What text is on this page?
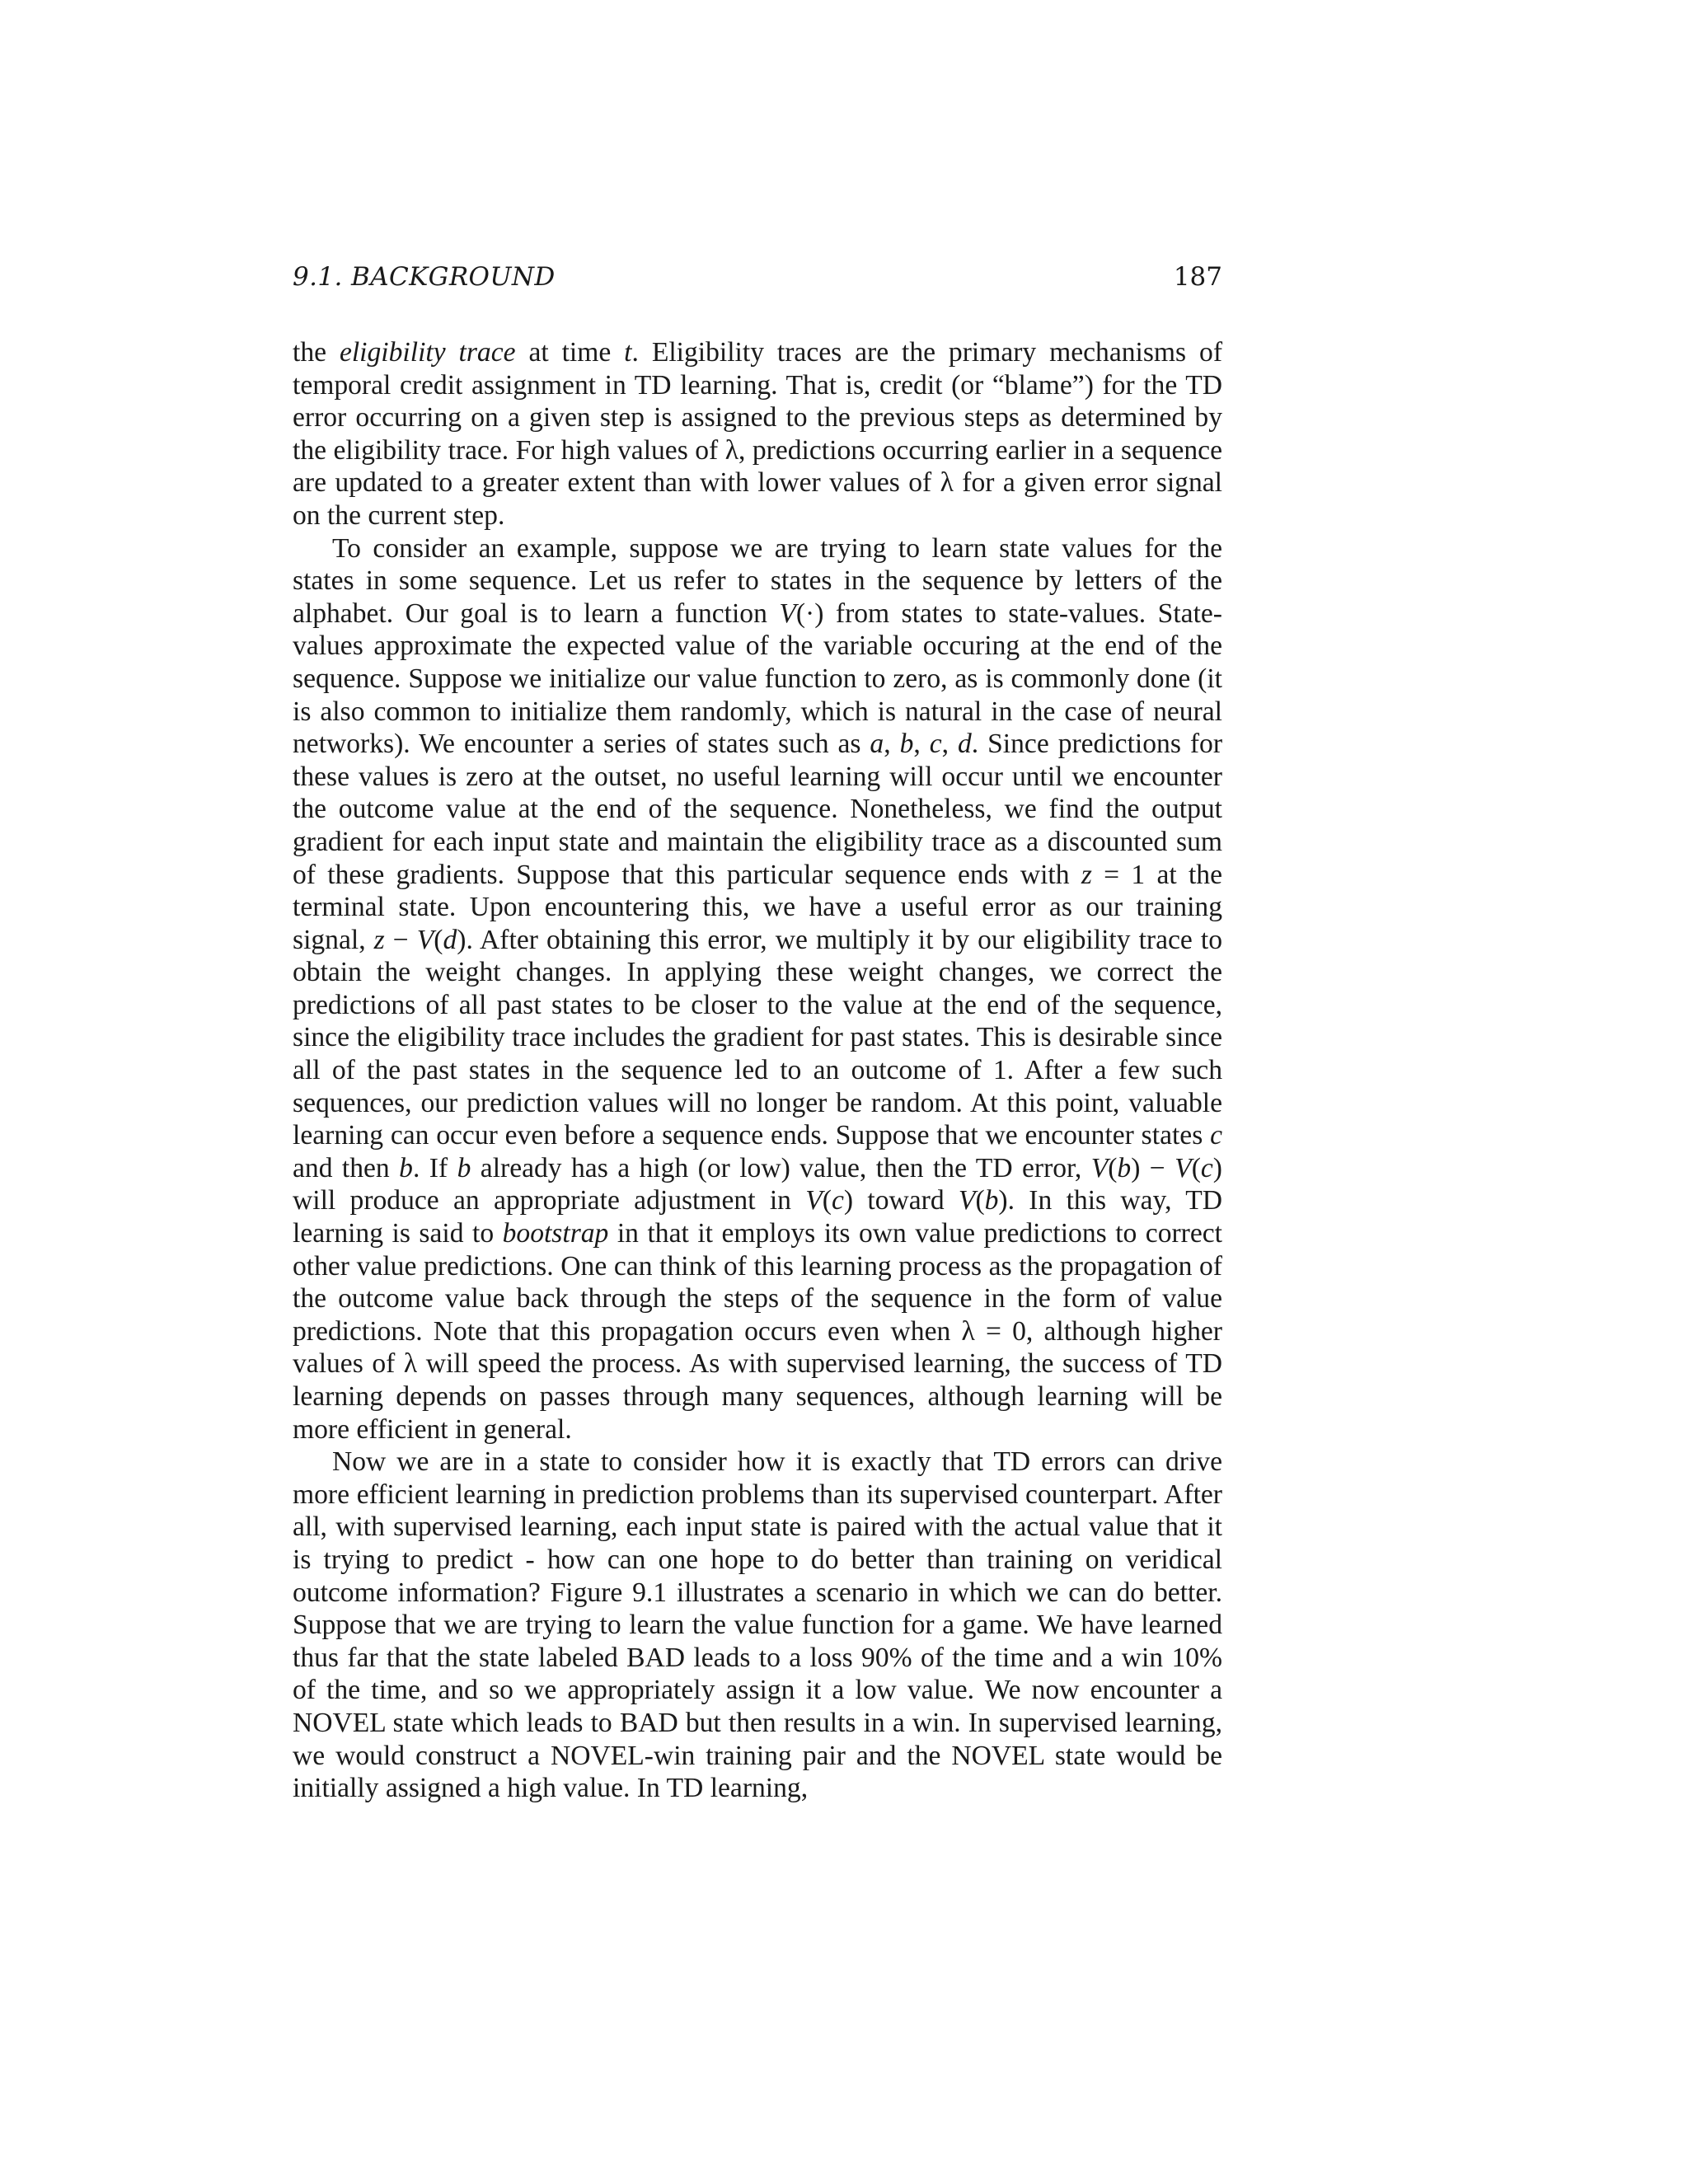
9.1. BACKGROUND	187

the eligibility trace at time t. Eligibility traces are the primary mechanisms of temporal credit assignment in TD learning. That is, credit (or “blame”) for the TD error occurring on a given step is assigned to the previous steps as determined by the eligibility trace. For high values of λ, predictions occurring earlier in a sequence are updated to a greater extent than with lower values of λ for a given error signal on the current step.

To consider an example, suppose we are trying to learn state values for the states in some sequence. Let us refer to states in the sequence by letters of the alphabet. Our goal is to learn a function V(·) from states to state-values. State-values approximate the expected value of the variable occuring at the end of the sequence. Suppose we initialize our value function to zero, as is commonly done (it is also common to initialize them randomly, which is natural in the case of neural networks). We encounter a series of states such as a, b, c, d. Since predictions for these values is zero at the outset, no useful learning will occur until we encounter the outcome value at the end of the sequence. Nonetheless, we find the output gradient for each input state and maintain the eligibility trace as a discounted sum of these gradients. Suppose that this particular sequence ends with z = 1 at the terminal state. Upon encountering this, we have a useful error as our training signal, z − V(d). After obtaining this error, we multiply it by our eligibility trace to obtain the weight changes. In applying these weight changes, we correct the predictions of all past states to be closer to the value at the end of the sequence, since the eligibility trace includes the gradient for past states. This is desirable since all of the past states in the sequence led to an outcome of 1. After a few such sequences, our prediction values will no longer be random. At this point, valuable learning can occur even before a sequence ends. Suppose that we encounter states c and then b. If b already has a high (or low) value, then the TD error, V(b) − V(c) will produce an appropriate adjustment in V(c) toward V(b). In this way, TD learning is said to bootstrap in that it employs its own value predictions to correct other value predictions. One can think of this learning process as the propagation of the outcome value back through the steps of the sequence in the form of value predictions. Note that this propagation occurs even when λ = 0, although higher values of λ will speed the process. As with supervised learning, the success of TD learning depends on passes through many sequences, although learning will be more efficient in general.

Now we are in a state to consider how it is exactly that TD errors can drive more efficient learning in prediction problems than its supervised counterpart. After all, with supervised learning, each input state is paired with the actual value that it is trying to predict - how can one hope to do better than training on veridical outcome information? Figure 9.1 illustrates a scenario in which we can do better. Suppose that we are trying to learn the value function for a game. We have learned thus far that the state labeled BAD leads to a loss 90% of the time and a win 10% of the time, and so we appropriately assign it a low value. We now encounter a NOVEL state which leads to BAD but then results in a win. In supervised learning, we would construct a NOVEL-win training pair and the NOVEL state would be initially assigned a high value. In TD learning,
